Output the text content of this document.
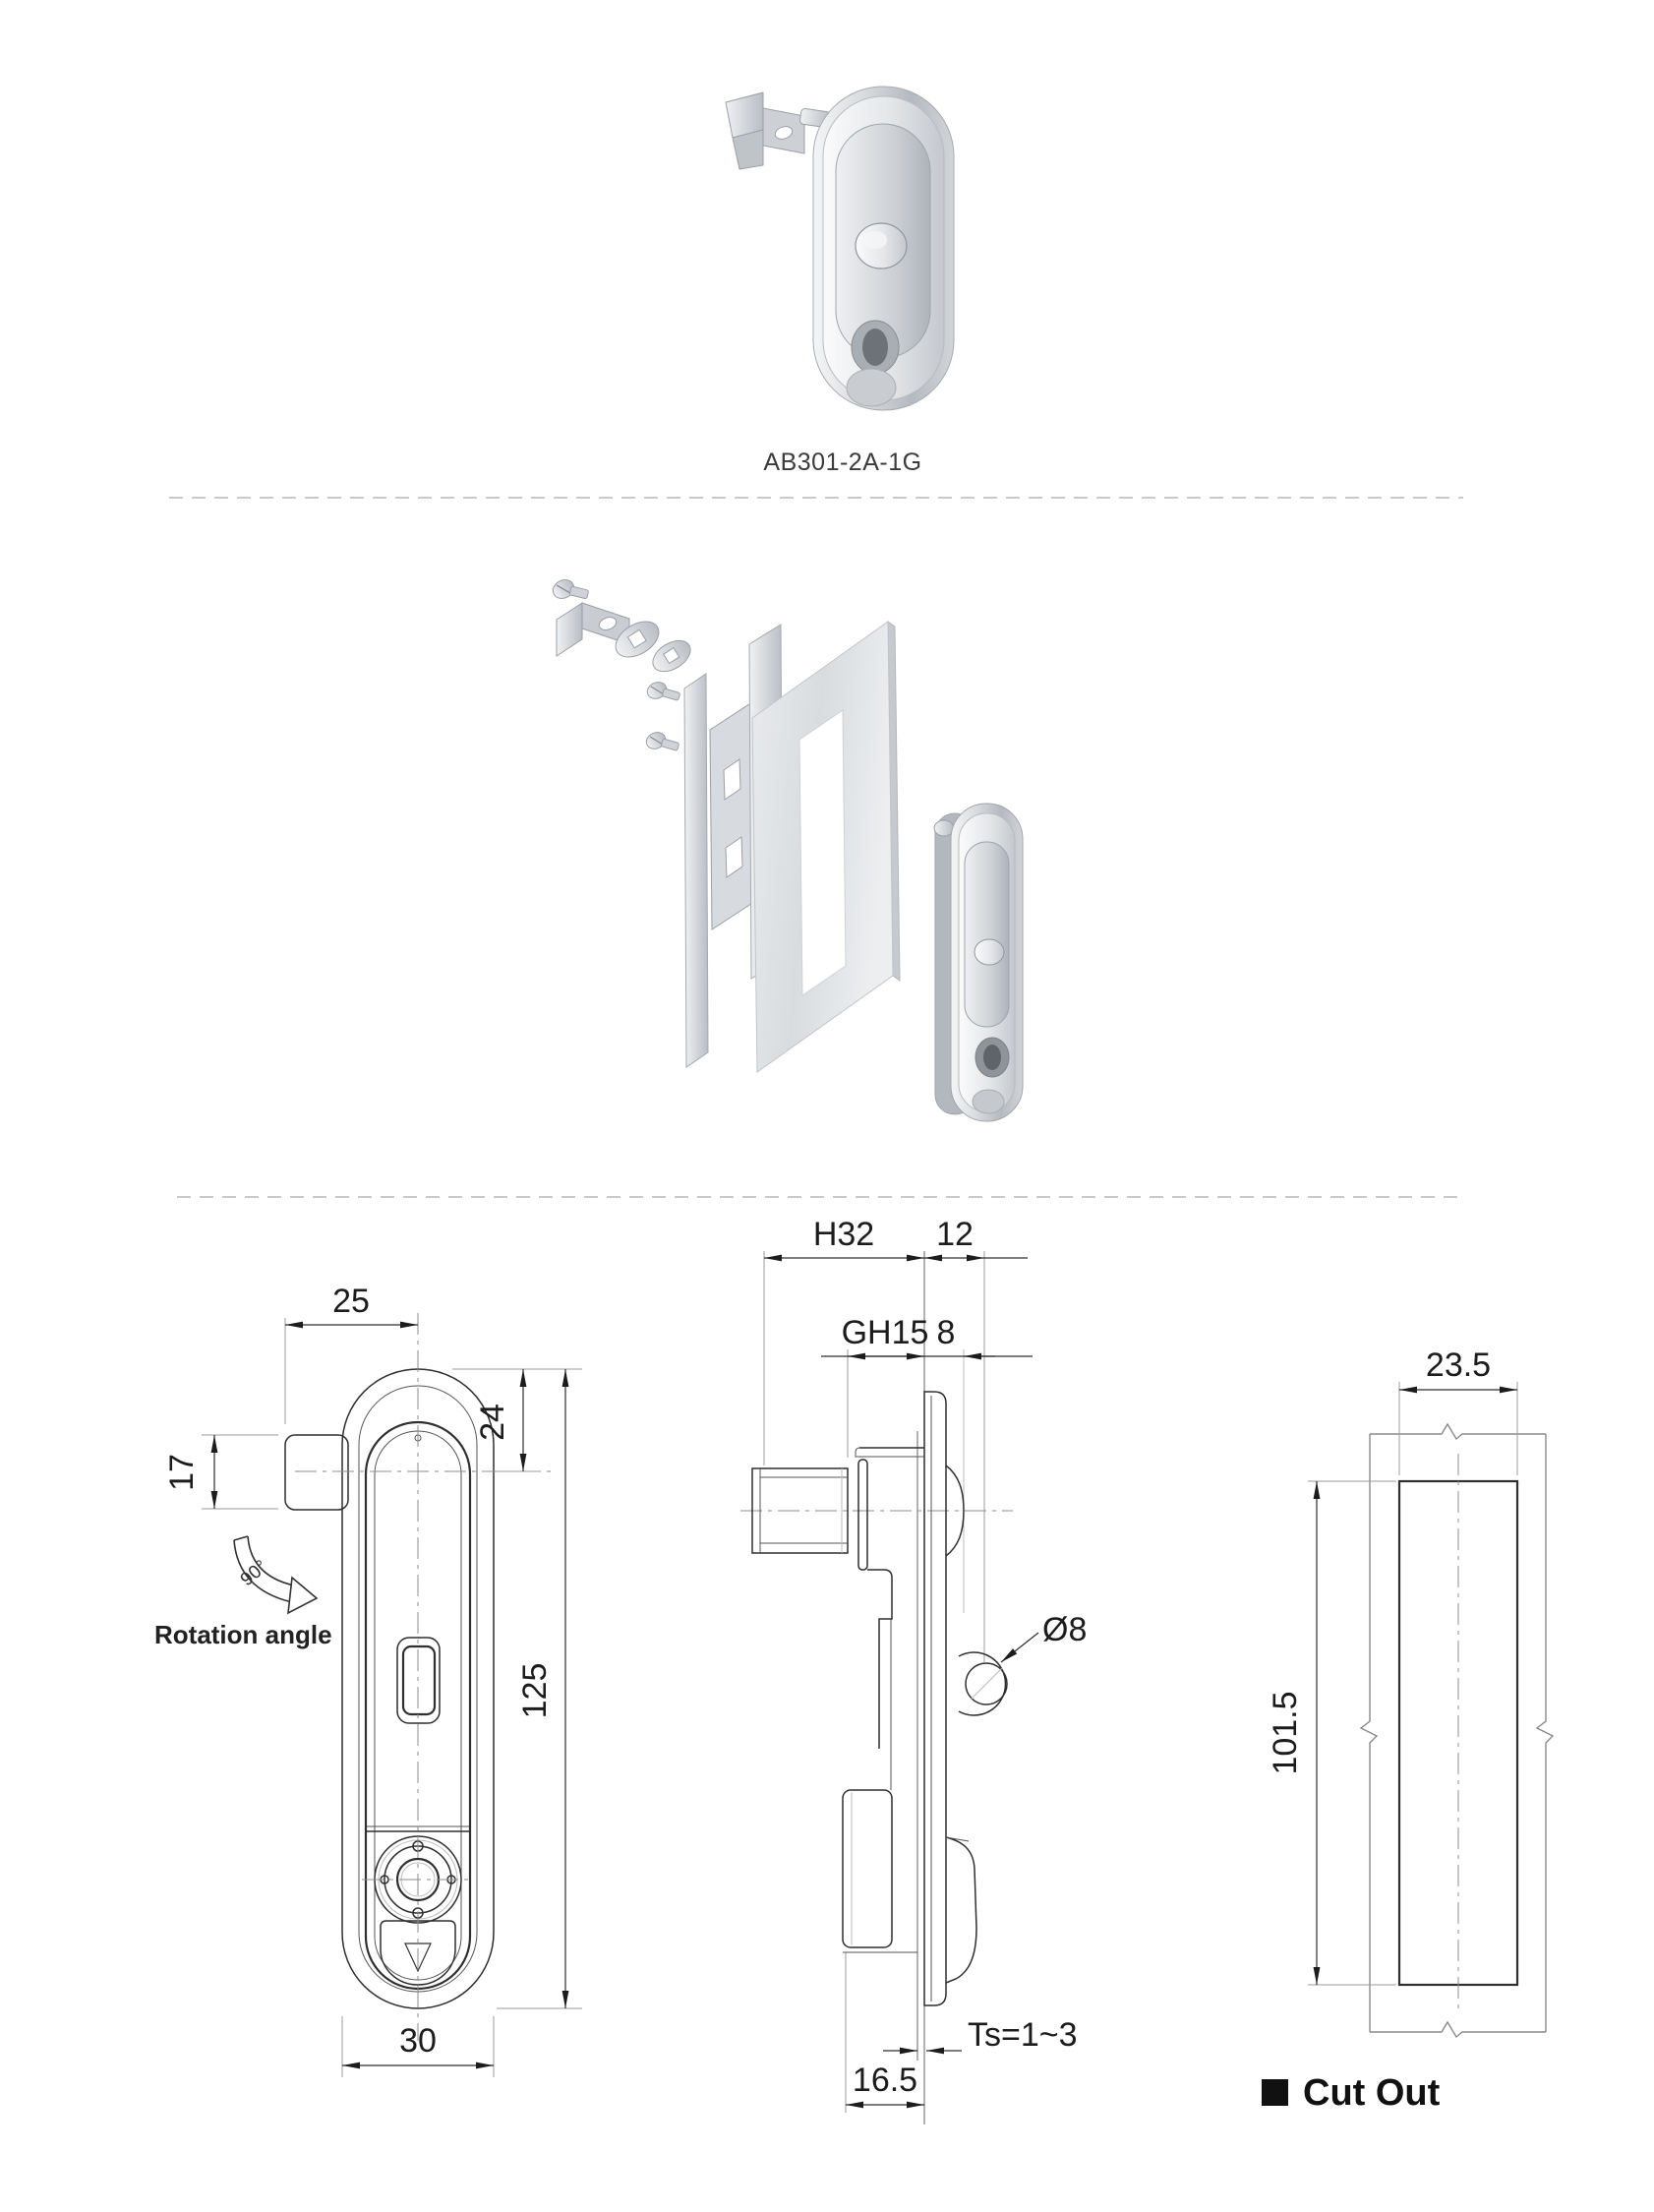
AB301-2A-1G
25
17
24
125
30
90°
Rotation angle
H32 12
GH15 8
Ø8
Ts=1~3
16.5
23.5
101.5
Cut Out
